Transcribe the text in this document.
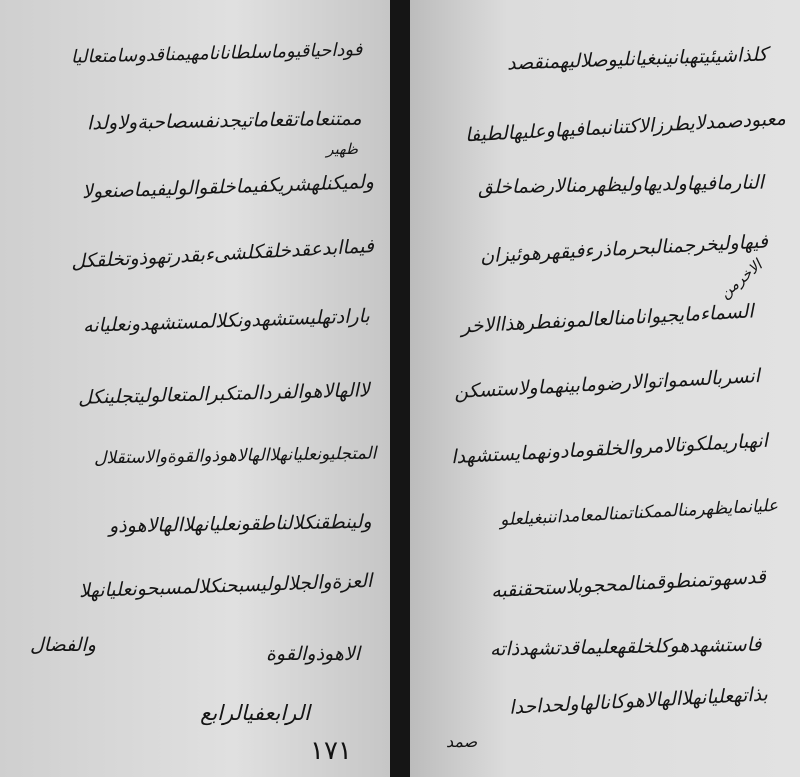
فوداحیاقیوماسلطانانامهیمناقدوسامتعالیا
ممتنعاماتقعاماتیجدنفسصاحبةولاولدا
ظهیر
ولمیکنلهشریکفیماخلقوالولیفیماصنعولا
فیماابدعقدخلقکلشیءبقدرتهوذوتخلقکل
بارادتهلیستشهدونکلالمستشهدونعلیانه
لاالهالاهوالفردالمتکبرالمتعالولیتجلینکل
المتجلیونعلیانهلاالهالاهوذوالقوةوالاستقلال
ولینطقنکلالناطقونعلیانهلاالهالاهوذو
العزةوالجلالولیسبحنکلالمسبحونعلیانهلا
والفضال	الاهوذوالقوة
الرابعفیالرابع
١٧١
کلذاشیئیتهبانینبغیانلیوصلالیهمنقصد
معبودصمدلایطرزالاکتنانبمافیهاوعلیهالطیفا
النارمافیهاولدیهاولیظهرمنالارضماخلق
فیهاولیخرجمنالبحرماذرءفیقهرهوئیزان
الاخرمن
السماءمایجیوانامنالعالمونفطرهذاالاخر
انسربالسمواتوالارضومابینهماولاستسکن
انهباریملکوتالامروالخلقومادونهمایستشهدا
علیانمایظهرمنالممکناتمنالمعامداننبغیلعلو
قدسهوتمنطوقمنالمحجوبلاستحقنقبه
فاستشهدهوکلخلقهعلیماقدتشهدذاته
بذاتهعلیانهلاالهالاهوکانالهاولحداحدا
صمد
